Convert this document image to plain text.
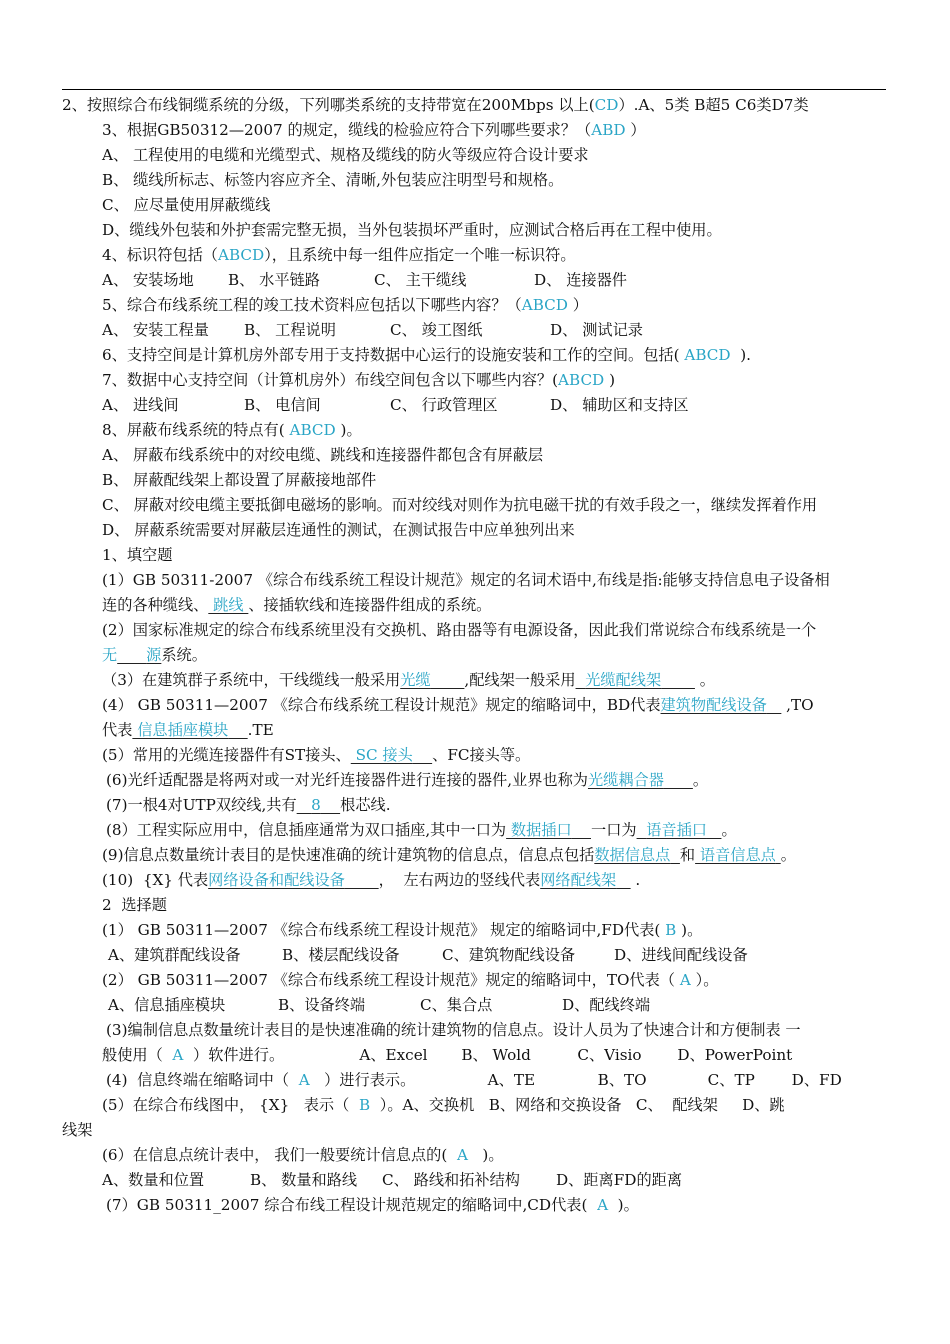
2、按照综合布线铜缆系统的分级，下列哪类系统的支持带宽在200Mbps 以上(CD）.A、5类 B超5 C6类D7类
3、根据GB50312—2007 的规定，缆线的检验应符合下列哪些要求？（ABD ）
A、 工程使用的电缆和光缆型式、规格及缆线的防火等级应符合设计要求
B、 缆线所标志、标签内容应齐全、清晰,外包装应注明型号和规格。
C、 应尽量使用屏蔽缆线
D、缆线外包装和外护套需完整无损，当外包装损坏严重时，应测试合格后再在工程中使用。
4、标识符包括（ABCD），且系统中每一组件应指定一个唯一标识符。
A、 安装场地 B、 水平链路	C、 主干缆线	D、 连接器件
5、综合布线系统工程的竣工技术资料应包括以下哪些内容？（ABCD ）
A、 安装工程量 B、 工程说明	C、 竣工图纸	D、 测试记录
6、支持空间是计算机房外部专用于支持数据中心运行的设施安装和工作的空间。包括( ABCD  ).
7、数据中心支持空间（计算机房外）布线空间包含以下哪些内容？(ABCD )
A、 进线间	B、 电信间	C、 行政管理区	D、 辅助区和支持区
8、屏蔽布线系统的特点有( ABCD )。
A、 屏蔽布线系统中的对绞电缆、跳线和连接器件都包含有屏蔽层
B、 屏蔽配线架上都设置了屏蔽接地部件
C、 屏蔽对绞电缆主要抵御电磁场的影响。而对绞线对则作为抗电磁干扰的有效手段之一，继续发挥着作用
D、 屏蔽系统需要对屏蔽层连通性的测试，在测试报告中应单独列出来
1、填空题
(1）GB 50311-2007 《综合布线系统工程设计规范》规定的名词术语中,布线是指:能够支持信息电子设备相
连的各种缆线、 跳线 、接插软线和连接器件组成的系统。
(2）国家标准规定的综合布线系统里没有交换机、路由器等有电源设备，因此我们常说综合布线系统是一个
无 源系统。
（3）在建筑群子系统中，干线缆线一般采用光缆 ,配线架一般采用 光缆配线架        。
(4） GB 50311—2007 《综合布线系统工程设计规范》规定的缩略词中，BD代表建筑物配线设备    ,TO
代表 信息插座模块 .TE
(5）常用的光缆连接器件有ST接头、 SC 接头 、FC接头等。
(6)光纤适配器是将两对或一对光纤连接器件进行连接的器件,业界也称为光缆耦合器 。
(7)一根4对UTP双绞线,共有 8 根芯线.
(8）工程实际应用中，信息插座通常为双口插座,其中一口为 数据插口 一口为 语音插口 。
(9)信息点数量统计表目的是快速准确的统计建筑物的信息点，信息点包括数据信息点 和 语音信息点 。
(10)  {X} 代表网络设备和配线设备 ，  左右两边的竖线代表网络配线架    .
2  选择题
(1） GB 50311—2007 《综合布线系统工程设计规范》 规定的缩略词中,FD代表( B )。
A、建筑群配线设备	B、楼层配线设备	C、建筑物配线设备	D、进线间配线设备
(2） GB 50311—2007 《综合布线系统工程设计规范》规定的缩略词中，TO代表（ A ）。
A、信息插座模块	B、设备终端	C、集合点	D、配线终端
(3)编制信息点数量统计表目的是快速准确的统计建筑物的信息点。设计人员为了快速合计和方便制表 一
般使用（  A  ）软件进行。	A、Excel B、 Wold	C、Visio D、PowerPoint
(4)  信息终端在缩略词中（  A   ）进行表示。	A、TE	B、TO	C、TP D、FD
(5）在综合布线图中， {X}   表示（  B  ）。A、交换机   B、网络和交换设备   C、  配线架     D、跳
线架
(6）在信息点统计表中， 我们一般要统计信息点的(  A   )。
A、数量和位置	B、 数量和路线 C、 路线和拓补结构 D、距离FD的距离
(7）GB 50311_2007 综合布线工程设计规范规定的缩略词中,CD代表(  A  )。
